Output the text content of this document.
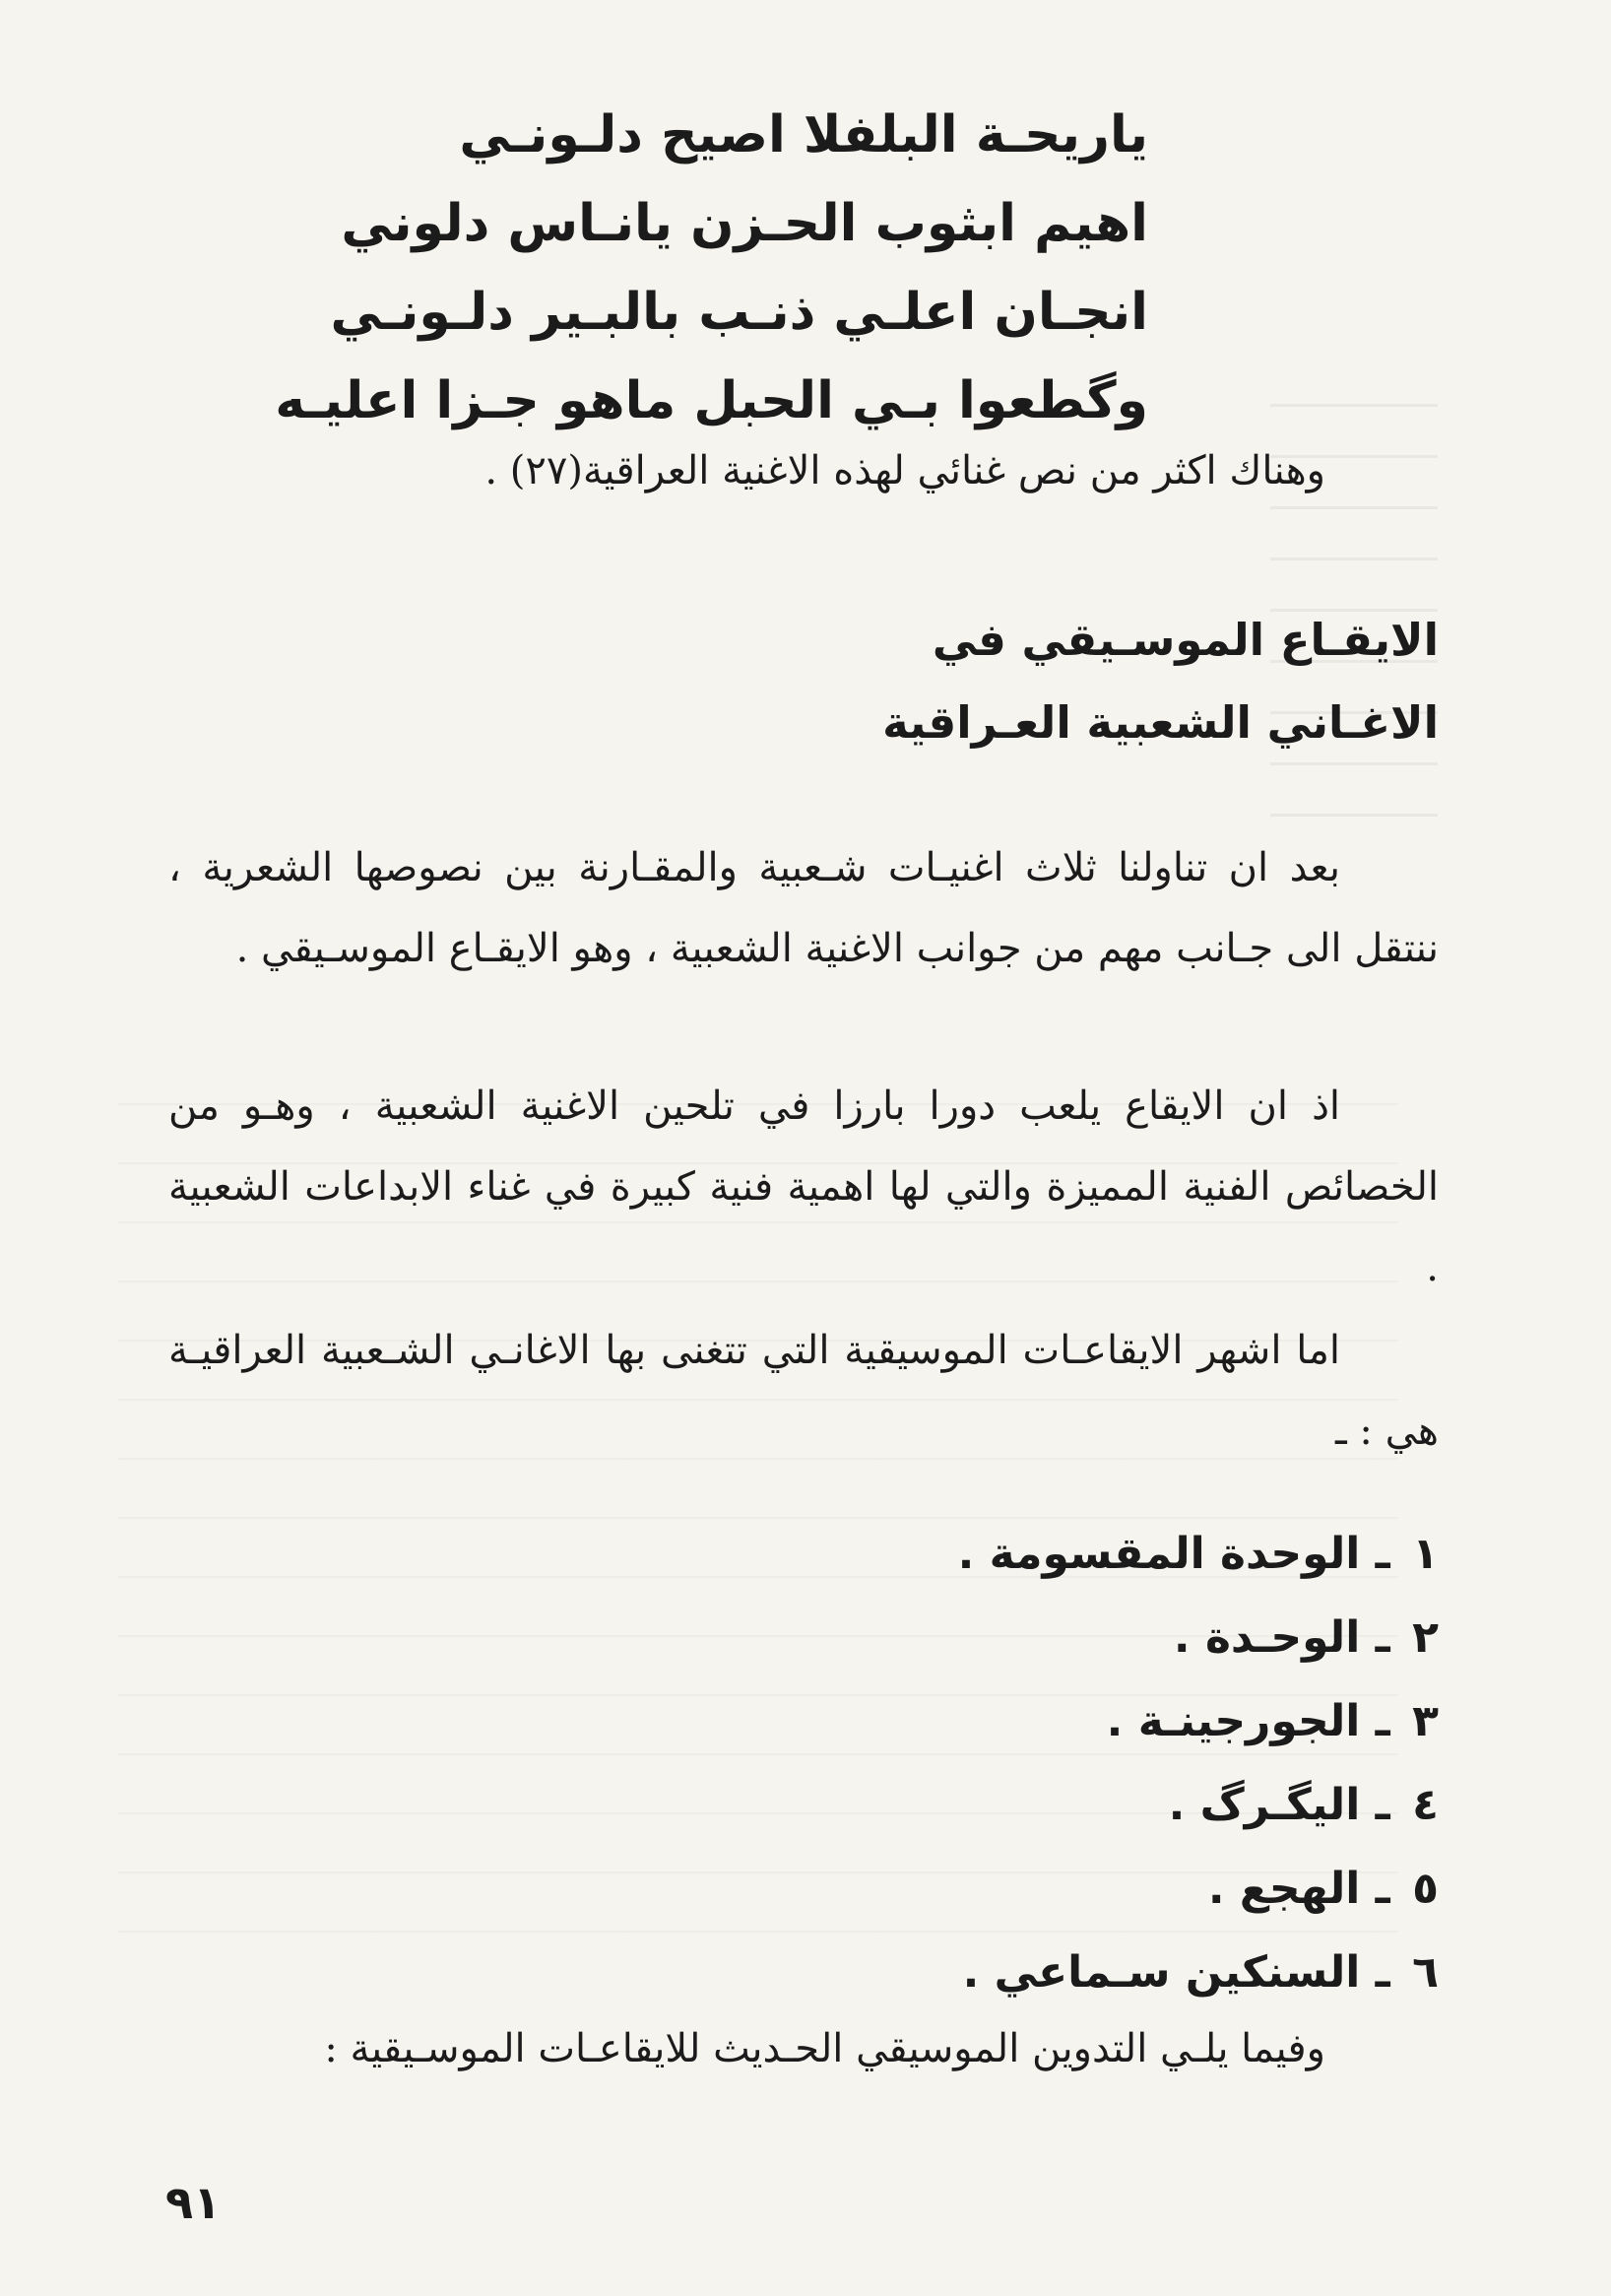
ياريحـة البلفلا اصيح دلـونـي
اهيم ابثوب الحـزن يانـاس دلوني
انجـان اعلـي ذنـب بالبـير دلـونـي
وگطعوا بـي الحبل ماهو جـزا اعليـه
وهناك اكثر من نص غنائي لهذه الاغنية العراقية(٢٧) .
الايقـاع الموسـيقي في
الاغـاني الشعبية العـراقية
بعد ان تناولنا ثلاث اغنيـات شـعبية والمقـارنة بين نصوصها الشعرية ، ننتقل الى جـانب مهم من جوانب الاغنية الشعبية ، وهو الايقـاع الموسـيقي .
اذ ان الايقاع يلعب دورا بارزا في تلحين الاغنية الشعبية ، وهـو من الخصائص الفنية المميزة والتي لها اهمية فنية كبيرة في غناء الابداعات الشعبية .
اما اشهر الايقاعـات الموسيقية التي تتغنى بها الاغانـي الشـعبية العراقيـة هي : ـ
١ ـ الوحدة المقسومة .
٢ ـ الوحـدة .
٣ ـ الجورجينـة .
٤ ـ اليگـرگ .
٥ ـ الهجع .
٦ ـ السنكين سـماعي .
وفيما يلـي التدوين الموسيقي الحـديث للايقاعـات الموسـيقية :
٩١
